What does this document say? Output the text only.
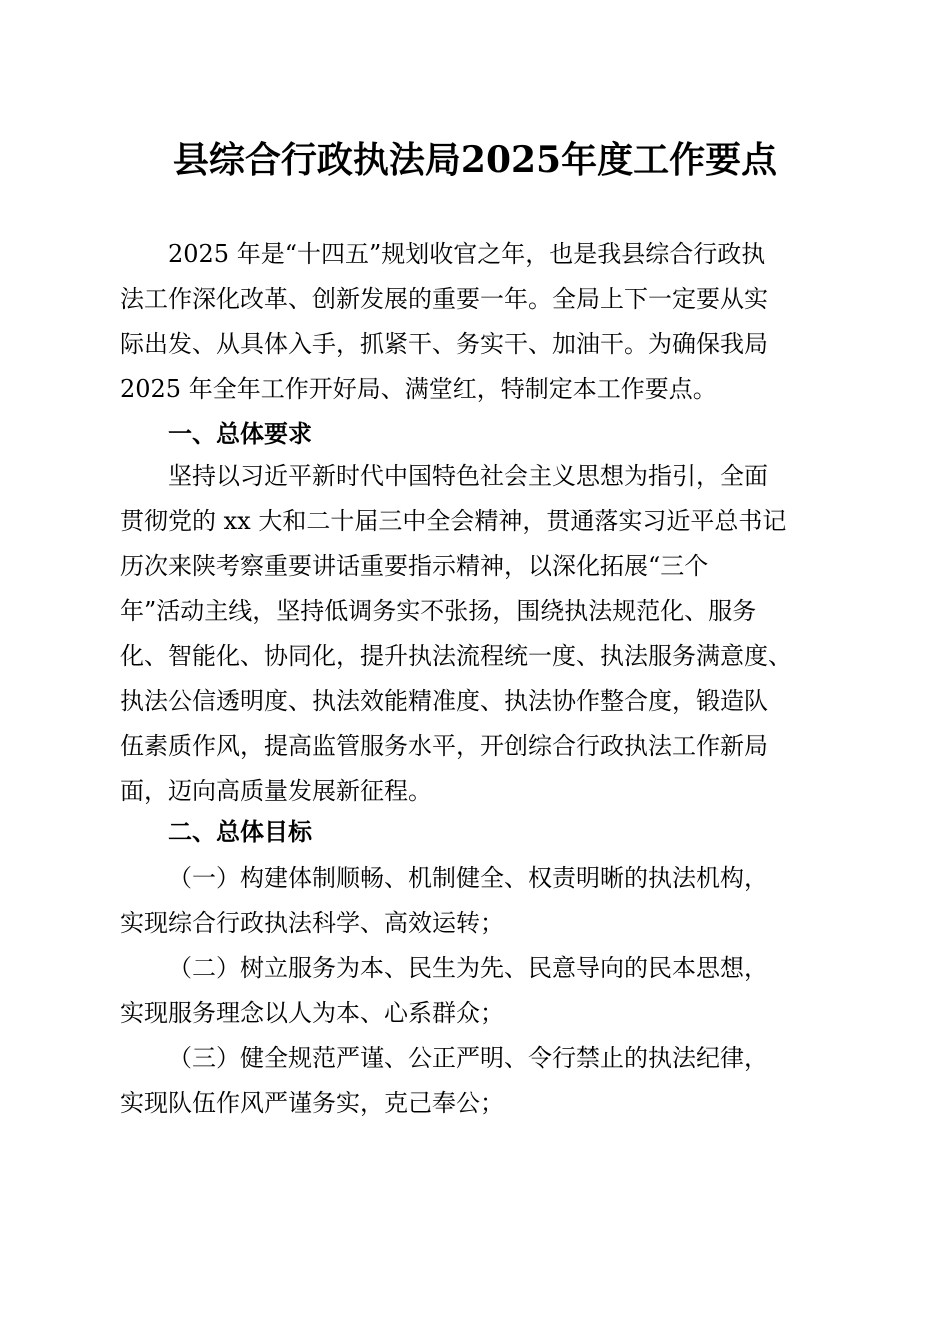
县综合行政执法局2025年度工作要点
2025 年是“十四五”规划收官之年，也是我县综合行政执
法工作深化改革、创新发展的重要一年。全局上下一定要从实
际出发、从具体入手，抓紧干、务实干、加油干。为确保我局
2025 年全年工作开好局、满堂红，特制定本工作要点。
一、总体要求
坚持以习近平新时代中国特色社会主义思想为指引，全面
贯彻党的 xx 大和二十届三中全会精神，贯通落实习近平总书记
历次来陕考察重要讲话重要指示精神，以深化拓展“三个
年”活动主线，坚持低调务实不张扬，围绕执法规范化、服务
化、智能化、协同化，提升执法流程统一度、执法服务满意度、
执法公信透明度、执法效能精准度、执法协作整合度，锻造队
伍素质作风，提高监管服务水平，开创综合行政执法工作新局
面，迈向高质量发展新征程。
二、总体目标
（一）构建体制顺畅、机制健全、权责明晰的执法机构，
实现综合行政执法科学、高效运转；
（二）树立服务为本、民生为先、民意导向的民本思想，
实现服务理念以人为本、心系群众；
（三）健全规范严谨、公正严明、令行禁止的执法纪律，
实现队伍作风严谨务实，克己奉公；
